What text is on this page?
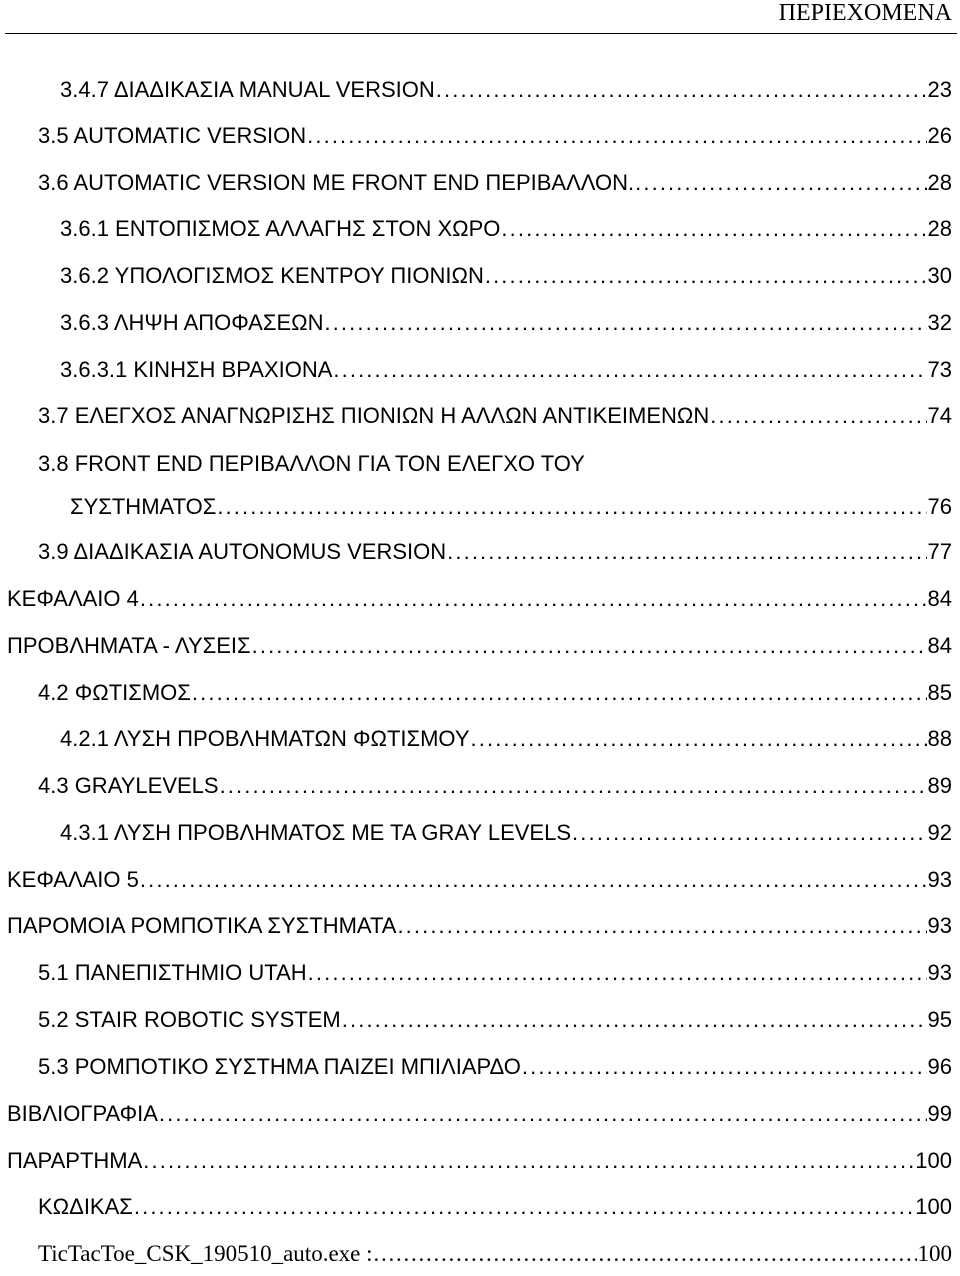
ΠΕΡΙΕΧΟΜΕΝΑ
3.4.7 ΔΙΑΔΙΚΑΣΙΑ MANUAL VERSION . . .	23
3.5 AUTOMATIC VERSION . . .	26
3.6 AUTOMATIC VERSION ΜΕ FRONT END ΠΕΡΙΒΑΛΛΟΝ. . . .	28
3.6.1 ΕΝΤΟΠΙΣΜΟΣ ΑΛΛΑΓΗΣ ΣΤΟΝ ΧΩΡΟ . . .	28
3.6.2 ΥΠΟΛΟΓΙΣΜΟΣ ΚΕΝΤΡΟΥ ΠΙΟΝΙΩΝ . . .	30
3.6.3 ΛΗΨΗ ΑΠΟΦΑΣΕΩΝ . . .	32
3.6.3.1 ΚΙΝΗΣΗ ΒΡΑΧΙΟΝΑ . . .	73
3.7 ΕΛΕΓΧΟΣ ΑΝΑΓΝΩΡΙΣΗΣ ΠΙΟΝΙΩΝ Η ΑΛΛΩΝ ΑΝΤΙΚΕΙΜΕΝΩΝ . . .	74
3.8 FRONT END ΠΕΡΙΒΑΛΛΟΝ ΓΙΑ ΤΟΝ ΕΛΕΓΧΟ ΤΟΥ
ΣΥΣΤΗΜΑΤΟΣ . . .	76
3.9 ΔΙΑΔΙΚΑΣΙΑ AUTONOMUS VERSION . . .	77
ΚΕΦΑΛΑΙΟ 4 . . .	84
ΠΡΟΒΛΗΜΑΤΑ - ΛΥΣΕΙΣ . . .	84
4.2 ΦΩΤΙΣΜΟΣ . . .	85
4.2.1 ΛΥΣΗ ΠΡΟΒΛΗΜΑΤΩΝ ΦΩΤΙΣΜΟΥ . . .	88
4.3 GRAYLEVELS . . .	89
4.3.1 ΛΥΣΗ ΠΡΟΒΛΗΜΑΤΟΣ ΜΕ ΤΑ GRAY LEVELS . . .	92
ΚΕΦΑΛΑΙΟ 5 . . .	93
ΠΑΡΟΜΟΙΑ ΡΟΜΠΟΤΙΚΑ ΣΥΣΤΗΜΑΤΑ . . .	93
5.1 ΠΑΝΕΠΙΣΤΗΜΙΟ UTAH . . .	93
5.2 STAIR ROBOTIC SYSTEM . . .	95
5.3 ΡΟΜΠΟΤΙΚΟ ΣΥΣΤΗΜΑ ΠΑΙΖΕΙ ΜΠΙΛΙΑΡΔΟ . . .	96
ΒΙΒΛΙΟΓΡΑΦΙΑ . . .	99
ΠΑΡΑΡΤΗΜΑ . . .	100
ΚΩΔΙΚΑΣ . . .	100
TicTacToe_CSK_190510_auto.exe : . . .	100
